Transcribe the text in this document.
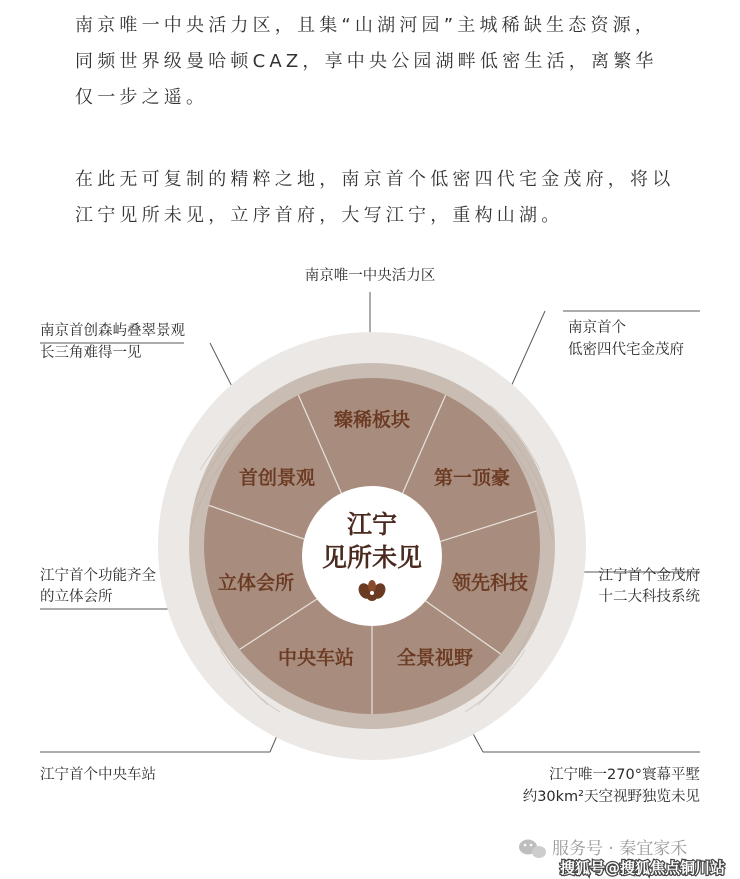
南京唯一中央活力区，且集“山湖河园”主城稀缺生态资源，同频世界级曼哈顿CAZ，享中央公园湖畔低密生活，离繁华仅一步之遥。

在此无可复制的精粹之地，南京首个低密四代宅金茂府，将以江宁见所未见，立序首府，大写江宁，重构山湖。

江宁
见所未见
臻稀板块
第一顶豪
领先科技
全景视野
中央车站
立体会所
首创景观
南京唯一中央活力区
南京首创森屿叠翠景观
长三角难得一见
南京首个
低密四代宅金茂府
江宁首个功能齐全
的立体会所
江宁首个金茂府
十二大科技系统
江宁首个中央车站	江宁唯一270°寰幕平墅
约30km²天空视野独览未见
服务号 · 秦宜家禾
搜狐号@搜狐焦点铜川站
